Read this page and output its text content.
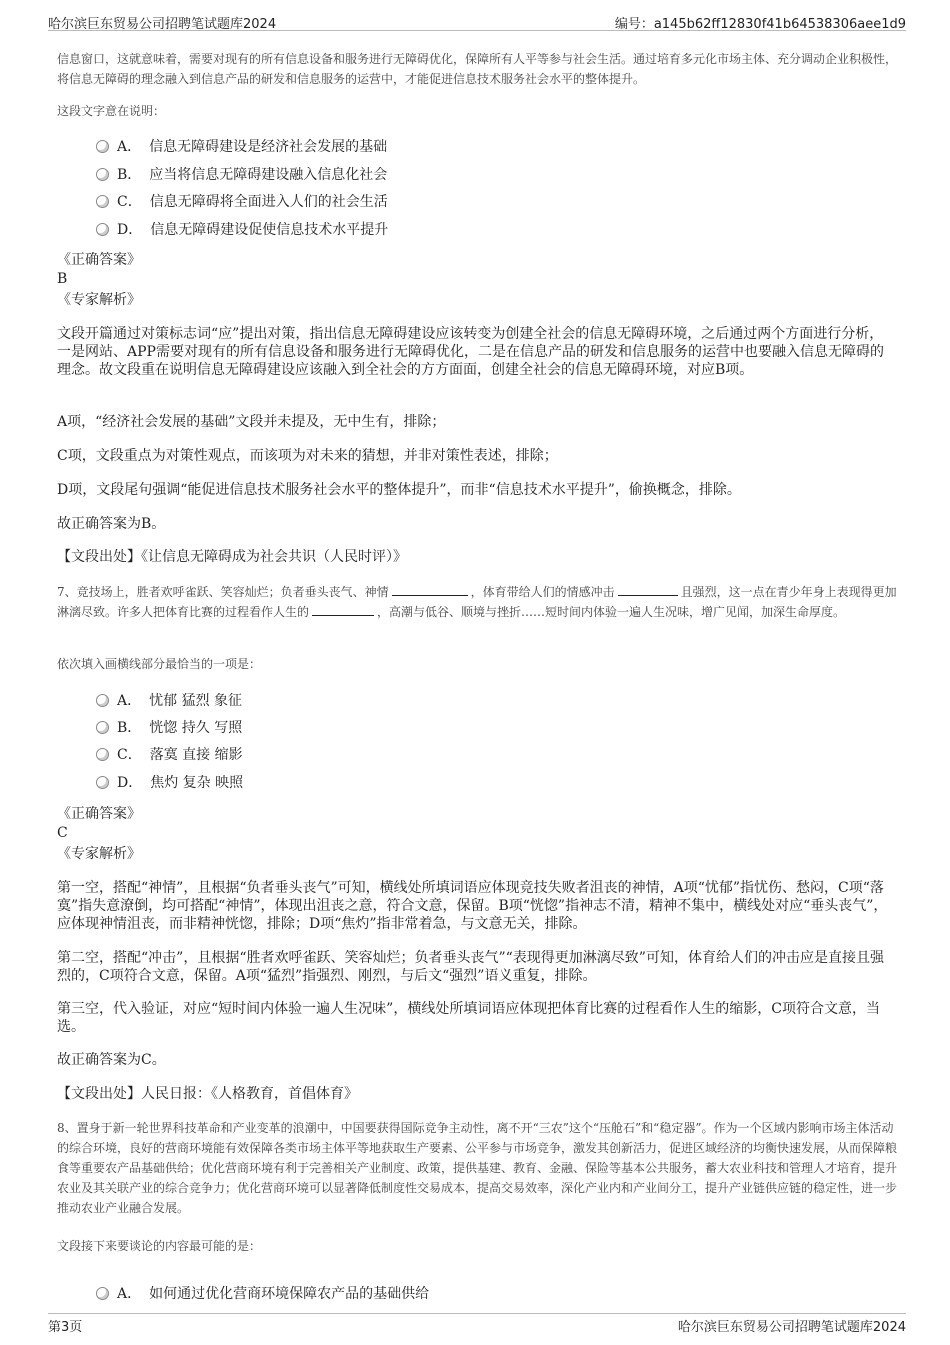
哈尔滨巨东贸易公司招聘笔试题库2024	编号：a145b62ff12830f41b64538306aee1d9

信息窗口，这就意味着，需要对现有的所有信息设备和服务进行无障碍优化，保障所有人平等参与社会生活。通过培育多元化市场主体、充分调动企业积极性，将信息无障碍的理念融入到信息产品的研发和信息服务的运营中，才能促进信息技术服务社会水平的整体提升。

这段文字意在说明：

A． 信息无障碍建设是经济社会发展的基础
B． 应当将信息无障碍建设融入信息化社会
C． 信息无障碍将全面进入人们的社会生活
D． 信息无障碍建设促使信息技术水平提升

《正确答案》

B

《专家解析》

文段开篇通过对策标志词“应”提出对策，指出信息无障碍建设应该转变为创建全社会的信息无障碍环境，之后通过两个方面进行分析，一是网站、APP需要对现有的所有信息设备和服务进行无障碍优化，二是在信息产品的研发和信息服务的运营中也要融入信息无障碍的理念。故文段重在说明信息无障碍建设应该融入到全社会的方方面面，创建全社会的信息无障碍环境，对应B项。

A项，“经济社会发展的基础”文段并未提及，无中生有，排除；

C项，文段重点为对策性观点，而该项为对未来的猜想，并非对策性表述，排除；

D项，文段尾句强调“能促进信息技术服务社会水平的整体提升”，而非“信息技术水平提升”，偷换概念，排除。

故正确答案为B。

【文段出处】《让信息无障碍成为社会共识（人民时评）》

7、竞技场上，胜者欢呼雀跃、笑容灿烂；负者垂头丧气、神情	，体育带给人们的情感冲击	且强烈，这一点在青少年身上表现得更加淋漓尽致。许多人把体育比赛的过程看作人生的	，高潮与低谷、顺境与挫折……短时间内体验一遍人生况味，增广见闻，加深生命厚度。

依次填入画横线部分最恰当的一项是：

A． 忧郁 猛烈 象征
B． 恍惚 持久 写照
C． 落寞 直接 缩影
D． 焦灼 复杂 映照

《正确答案》

C

《专家解析》

第一空，搭配“神情”，且根据“负者垂头丧气”可知，横线处所填词语应体现竞技失败者沮丧的神情，A项“忧郁”指忧伤、愁闷，C项“落寞”指失意潦倒，均可搭配“神情”，体现出沮丧之意，符合文意，保留。B项“恍惚”指神志不清，精神不集中，横线处对应“垂头丧气”，应体现神情沮丧，而非精神恍惚，排除；D项“焦灼”指非常着急，与文意无关，排除。

第二空，搭配“冲击”，且根据“胜者欢呼雀跃、笑容灿烂；负者垂头丧气”“表现得更加淋漓尽致”可知，体育给人们的冲击应是直接且强烈的，C项符合文意，保留。A项“猛烈”指强烈、刚烈，与后文“强烈”语义重复，排除。

第三空，代入验证，对应“短时间内体验一遍人生况味”，横线处所填词语应体现把体育比赛的过程看作人生的缩影，C项符合文意，当选。

故正确答案为C。

【文段出处】人民日报：《人格教育，首倡体育》

8、置身于新一轮世界科技革命和产业变革的浪潮中，中国要获得国际竞争主动性，离不开“三农”这个“压舱石”和“稳定器”。作为一个区域内影响市场主体活动的综合环境，良好的营商环境能有效保障各类市场主体平等地获取生产要素、公平参与市场竞争，激发其创新活力，促进区域经济的均衡快速发展，从而保障粮食等重要农产品基础供给；优化营商环境有利于完善相关产业制度、政策，提供基建、教育、金融、保险等基本公共服务，蓄大农业科技和管理人才培育，提升农业及其关联产业的综合竞争力；优化营商环境可以显著降低制度性交易成本，提高交易效率，深化产业内和产业间分工，提升产业链供应链的稳定性，进一步推动农业产业融合发展。

文段接下来要谈论的内容最可能的是：

A． 如何通过优化营商环境保障农产品的基础供给
第3页	哈尔滨巨东贸易公司招聘笔试题库2024
